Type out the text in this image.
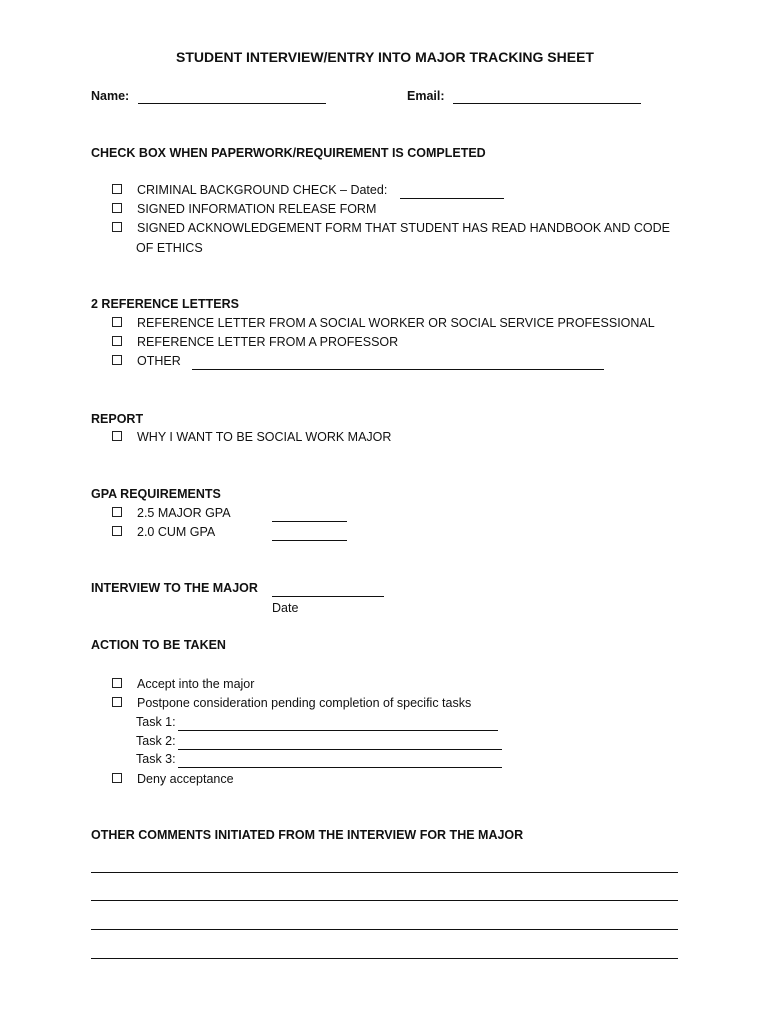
STUDENT INTERVIEW/ENTRY INTO MAJOR TRACKING SHEET
Name:	Email:
CHECK BOX WHEN PAPERWORK/REQUIREMENT IS COMPLETED
CRIMINAL BACKGROUND CHECK – Dated:
SIGNED INFORMATION RELEASE FORM
SIGNED ACKNOWLEDGEMENT FORM THAT STUDENT HAS READ HANDBOOK AND CODE
OF ETHICS
2 REFERENCE LETTERS
REFERENCE LETTER FROM A SOCIAL WORKER OR SOCIAL SERVICE PROFESSIONAL
REFERENCE LETTER FROM A PROFESSOR
OTHER
REPORT
WHY I WANT TO BE SOCIAL WORK MAJOR
GPA REQUIREMENTS
2.5 MAJOR GPA
2.0 CUM GPA
INTERVIEW TO THE MAJOR
Date
ACTION TO BE TAKEN
Accept into the major
Postpone consideration pending completion of specific tasks
Task 1:
Task 2:
Task 3:
Deny acceptance
OTHER COMMENTS INITIATED FROM THE INTERVIEW FOR THE MAJOR
